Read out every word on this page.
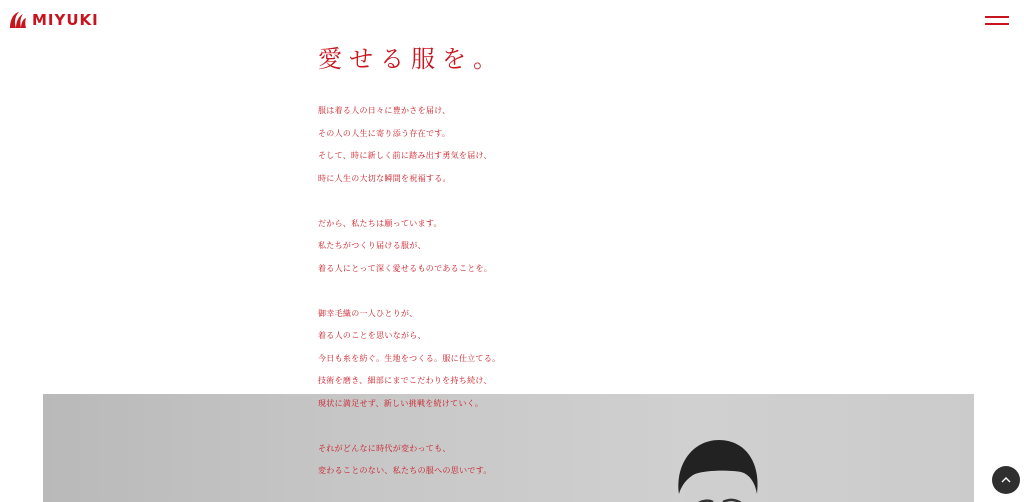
MIYUKI
愛せる服を。
服は着る人の日々に豊かさを届け、
その人の人生に寄り添う存在です。
そして、時に新しく前に踏み出す勇気を届け、
時に人生の大切な瞬間を祝福する。
だから、私たちは願っています。
私たちがつくり届ける服が、
着る人にとって深く愛せるものであることを。
御幸毛織の一人ひとりが、
着る人のことを思いながら、
今日も糸を紡ぐ。生地をつくる。服に仕立てる。
技術を磨き、細部にまでこだわりを持ち続け、
現状に満足せず、新しい挑戦を続けていく。
それがどんなに時代が変わっても、
変わることのない、私たちの服への思いです。
